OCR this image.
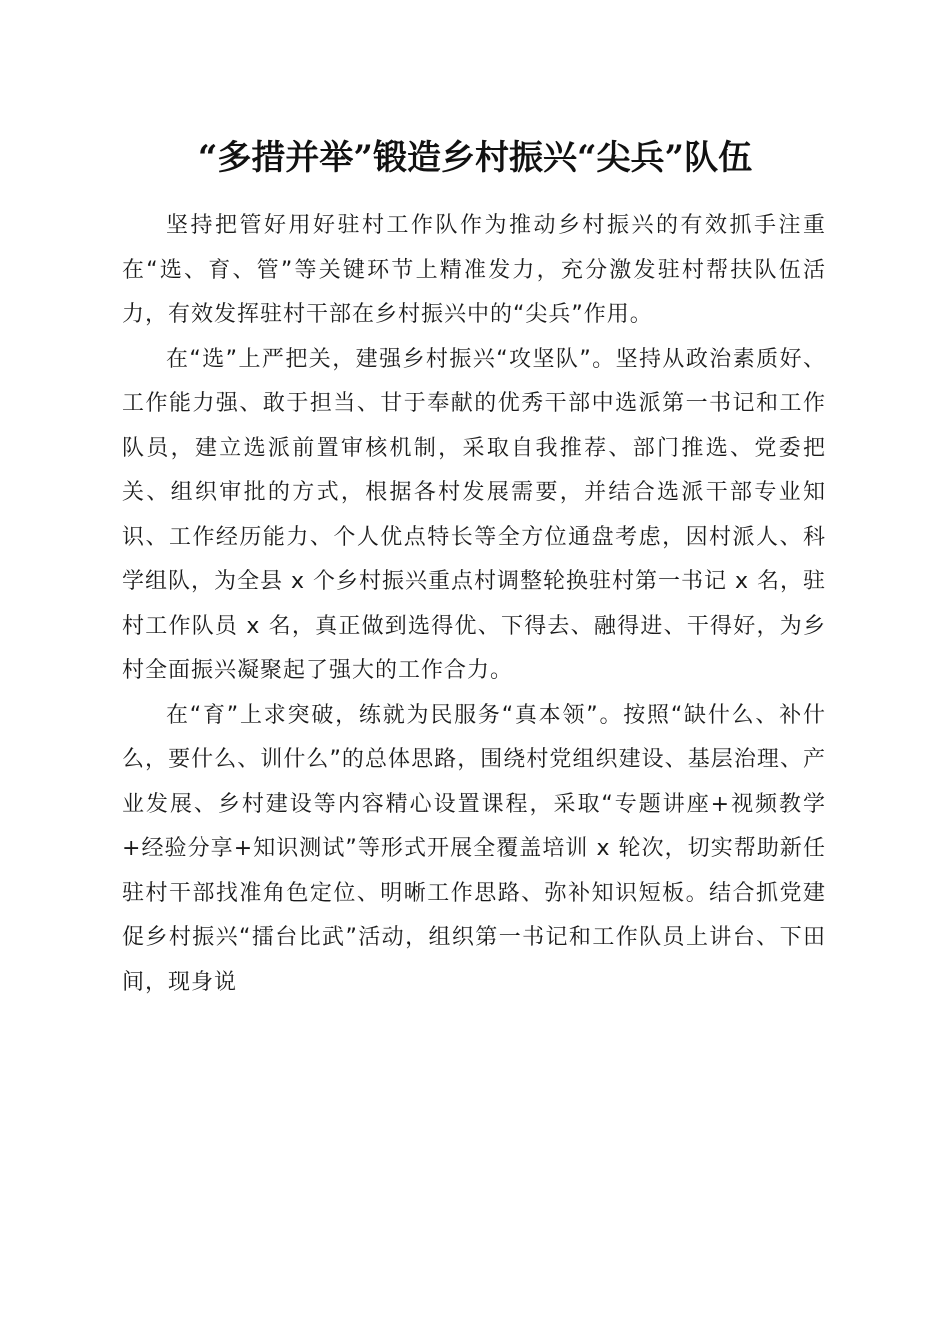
“多措并举”锻造乡村振兴“尖兵”队伍

坚持把管好用好驻村工作队作为推动乡村振兴的有效抓手注重在“选、育、管”等关键环节上精准发力，充分激发驻村帮扶队伍活力，有效发挥驻村干部在乡村振兴中的“尖兵”作用。

在“选”上严把关，建强乡村振兴“攻坚队”。坚持从政治素质好、工作能力强、敢于担当、甘于奉献的优秀干部中选派第一书记和工作队员，建立选派前置审核机制，采取自我推荐、部门推选、党委把关、组织审批的方式，根据各村发展需要，并结合选派干部专业知识、工作经历能力、个人优点特长等全方位通盘考虑，因村派人、科学组队，为全县 x 个乡村振兴重点村调整轮换驻村第一书记 x 名，驻村工作队员 x 名，真正做到选得优、下得去、融得进、干得好，为乡村全面振兴凝聚起了强大的工作合力。

在“育”上求突破，练就为民服务“真本领”。按照“缺什么、补什么，要什么、训什么”的总体思路，围绕村党组织建设、基层治理、产业发展、乡村建设等内容精心设置课程，采取“专题讲座+视频教学+经验分享+知识测试”等形式开展全覆盖培训 x 轮次，切实帮助新任驻村干部找准角色定位、明晰工作思路、弥补知识短板。结合抓党建促乡村振兴“擂台比武”活动，组织第一书记和工作队员上讲台、下田间，现身说
